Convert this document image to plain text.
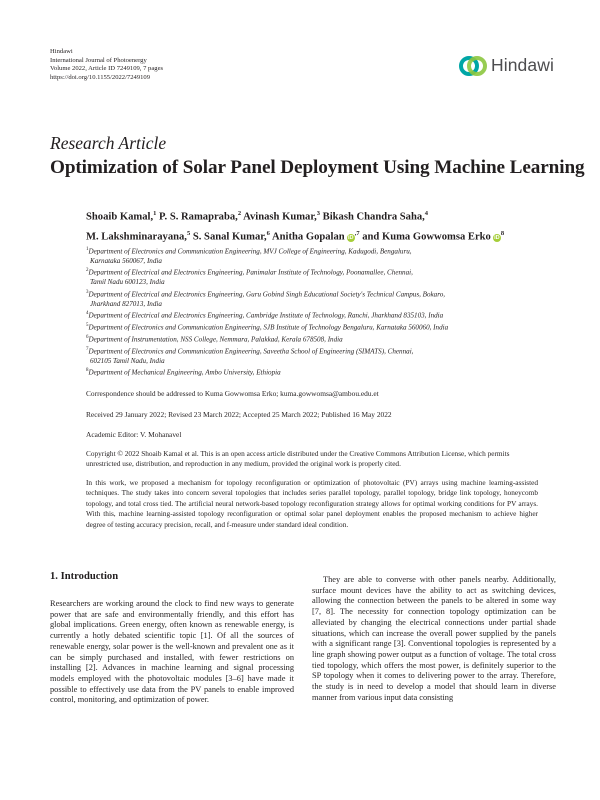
Hindawi
International Journal of Photoenergy
Volume 2022, Article ID 7249109, 7 pages
https://doi.org/10.1155/2022/7249109
Hindawi
Research Article
Optimization of Solar Panel Deployment Using Machine Learning
Shoaib Kamal,$^1$ P. S. Ramapraba,$^2$ Avinash Kumar,$^3$ Bikash Chandra Saha,$^4$
M. Lakshminarayana,$^5$ S. Sanal Kumar,$^6$ Anitha Gopalan $iD^{,7}$ and Kuma Gowwomsa Erko $iD^8$
$^1$Department of Electronics and Communication Engineering, MVJ College of Engineering, Kadugodi, Bengaluru,
Karnataka 560067, India
$^2$Department of Electrical and Electronics Engineering, Panimalar Institute of Technology, Poonamallee, Chennai,
Tamil Nadu 600123, India
$^3$Department of Electrical and Electronics Engineering, Guru Gobind Singh Educational Society's Technical Campus, Bokaro,
Jharkhand 827013, India
$^4$Department of Electrical and Electronics Engineering, Cambridge Institute of Technology, Ranchi, Jharkhand 835103, India
$^5$Department of Electronics and Communication Engineering, SJB Institute of Technology Bengaluru, Karnataka 560060, India
$^6$Department of Instrumentation, NSS College, Nemmara, Palakkad, Kerala 678508, India
$^7$Department of Electronics and Communication Engineering, Saveetha School of Engineering (SIMATS), Chennai,
602105 Tamil Nadu, India
$^8$Department of Mechanical Engineering, Ambo University, Ethiopia
Correspondence should be addressed to Kuma Gowwomsa Erko; kuma.gowwomsa@ambou.edu.et
Received 29 January 2022; Revised 23 March 2022; Accepted 25 March 2022; Published 16 May 2022
Academic Editor: V. Mohanavel
Copyright © 2022 Shoaib Kamal et al. This is an open access article distributed under the Creative Commons Attribution License, which permits unrestricted use, distribution, and reproduction in any medium, provided the original work is properly cited.
In this work, we proposed a mechanism for topology reconfiguration or optimization of photovoltaic (PV) arrays using machine learning-assisted techniques. The study takes into concern several topologies that includes series parallel topology, parallel topology, bridge link topology, honeycomb topology, and total cross tied. The artificial neural network-based topology reconfiguration strategy allows for optimal working conditions for PV arrays. With this, machine learning-assisted topology reconfiguration or optimal solar panel deployment enables the proposed mechanism to achieve higher degree of testing accuracy precision, recall, and f-measure under standard ideal condition.
1. Introduction
Researchers are working around the clock to find new ways to generate power that are safe and environmentally friendly, and this effort has global implications. Green energy, often known as renewable energy, is currently a hotly debated scientific topic [1]. Of all the sources of renewable energy, solar power is the well-known and prevalent one as it can be simply purchased and installed, with fewer restrictions on installing [2]. Advances in machine learning and signal processing models employed with the photovoltaic modules [3–6] have made it possible to effectively use data from the PV panels to enable improved control, monitoring, and optimization of power.
They are able to converse with other panels nearby. Additionally, surface mount devices have the ability to act as switching devices, allowing the connection between the panels to be altered in some way [7, 8]. The necessity for connection topology optimization can be alleviated by changing the electrical connections under partial shade situations, which can increase the overall power supplied by the panels with a significant range [3]. Conventional topologies is represented by a line graph showing power output as a function of voltage. The total cross tied topology, which offers the most power, is definitely superior to the SP topology when it comes to delivering power to the array. Therefore, the study is in need to develop a model that should learn in diverse manner from various input data consisting
